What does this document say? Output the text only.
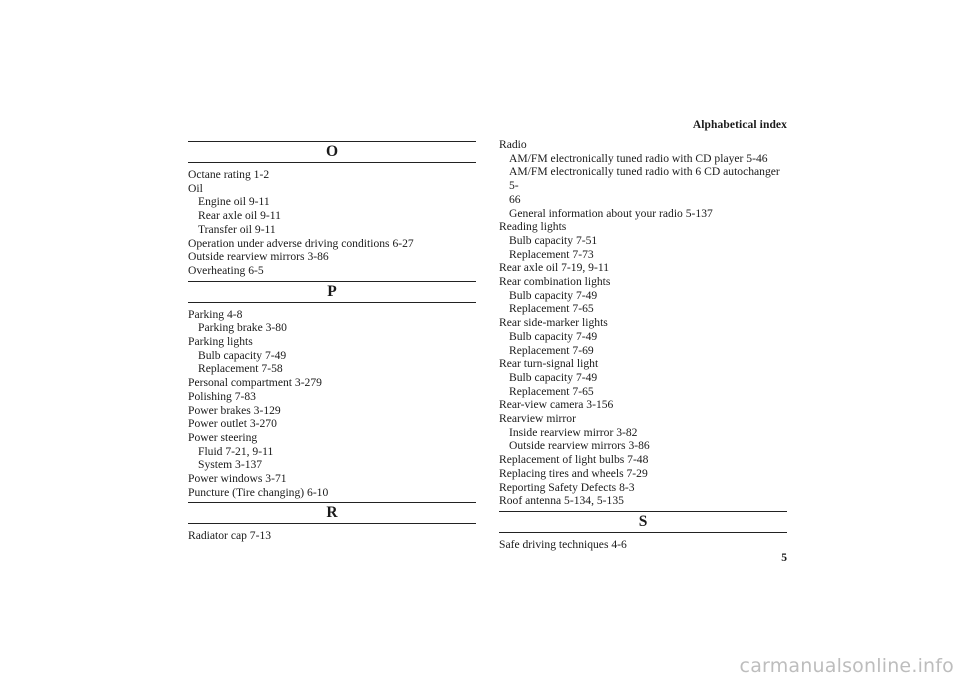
Alphabetical index
O
Octane rating 1-2
Oil
Engine oil 9-11
Rear axle oil 9-11
Transfer oil 9-11
Operation under adverse driving conditions 6-27
Outside rearview mirrors 3-86
Overheating 6-5
P
Parking 4-8
Parking brake 3-80
Parking lights
Bulb capacity 7-49
Replacement 7-58
Personal compartment 3-279
Polishing 7-83
Power brakes 3-129
Power outlet 3-270
Power steering
Fluid 7-21, 9-11
System 3-137
Power windows 3-71
Puncture (Tire changing) 6-10
R
Radiator cap 7-13
Radio
AM/FM electronically tuned radio with CD player 5-46
AM/FM electronically tuned radio with 6 CD autochanger 5-
66
General information about your radio 5-137
Reading lights
Bulb capacity 7-51
Replacement 7-73
Rear axle oil 7-19, 9-11
Rear combination lights
Bulb capacity 7-49
Replacement 7-65
Rear side-marker lights
Bulb capacity 7-49
Replacement 7-69
Rear turn-signal light
Bulb capacity 7-49
Replacement 7-65
Rear-view camera 3-156
Rearview mirror
Inside rearview mirror 3-82
Outside rearview mirrors 3-86
Replacement of light bulbs 7-48
Replacing tires and wheels 7-29
Reporting Safety Defects 8-3
Roof antenna 5-134, 5-135
S
Safe driving techniques 4-6
5
carmanualsonline.info
